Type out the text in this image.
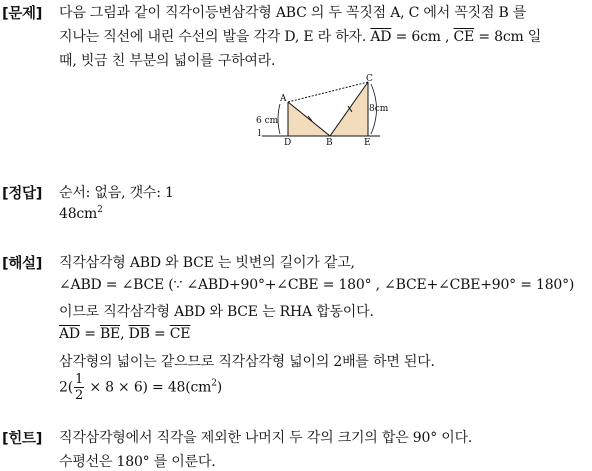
[문제] 다음 그림과 같이 직각이등변삼각형 ABC 의 두 꼭짓점 A, C 에서 꼭짓점 B 를
지나는 직선에 내린 수선의 발을 각각 D, E 라 하자. $\overline{AD} = 6cm$ , $\overline{CE} = 8cm$ 일
때, 빗금 친 부분의 넓이를 구하여라.
A
C
6 cm
8cm
l
D	B	E
[정답] 순서: 없음, 갯수: 1
$48cm^2$
[해설] 직각삼각형 ABD 와 BCE 는 빗변의 길이가 같고,
∠ABD = ∠BCE (∵ ∠ABD+90°+∠CBE = 180° , ∠BCE+∠CBE+90° = 180°)
이므로 직각삼각형 ABD 와 BCE 는 RHA 합동이다.
$\overline{AD} = \overline{BE}$, $\overline{DB} = \overline{CE}$
삼각형의 넓이는 같으므로 직각삼각형 넓이의 2배를 하면 된다.
$2( \frac{1}{2} \times 8 \times 6) = 48(cm^2)$
[힌트] 직각삼각형에서 직각을 제외한 나머지 두 각의 크기의 합은 90° 이다.
수평선은 180° 를 이룬다.
